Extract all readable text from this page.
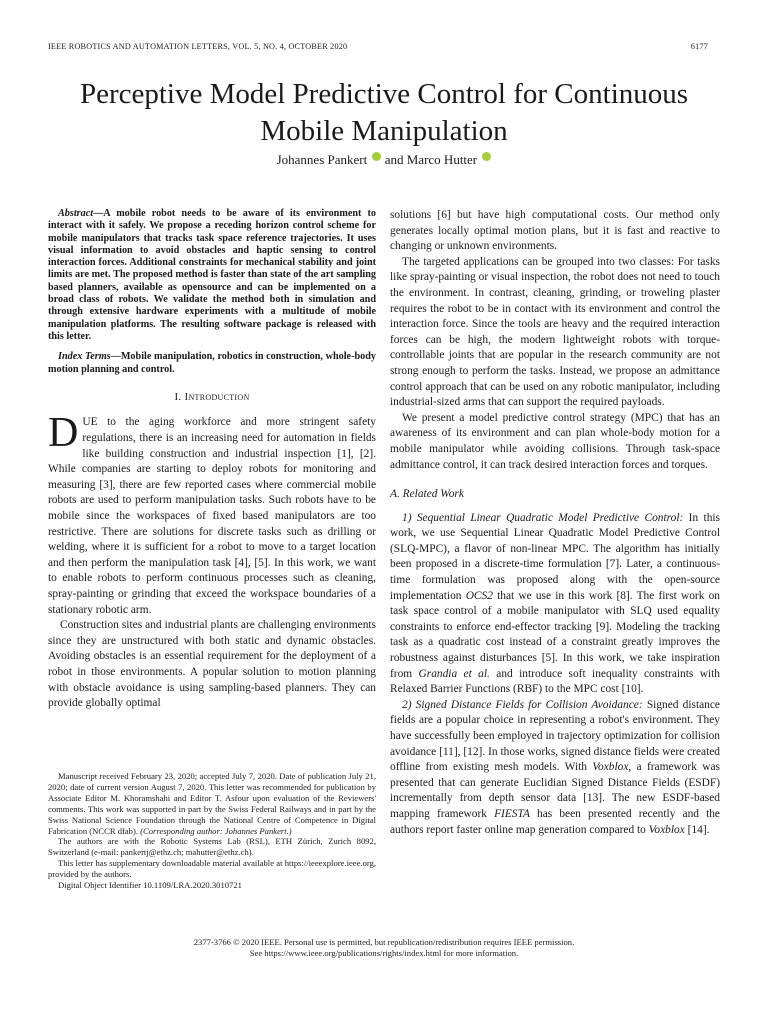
IEEE ROBOTICS AND AUTOMATION LETTERS, VOL. 5, NO. 4, OCTOBER 2020	6177
Perceptive Model Predictive Control for Continuous
Mobile Manipulation
Johannes Pankert and Marco Hutter

Abstract—A mobile robot needs to be aware of its environment to interact with it safely. We propose a receding horizon control scheme for mobile manipulators that tracks task space reference trajectories. It uses visual information to avoid obstacles and haptic sensing to control interaction forces. Additional constraints for mechanical stability and joint limits are met. The proposed method is faster than state of the art sampling based planners, available as opensource and can be implemented on a broad class of robots. We validate the method both in simulation and through extensive hardware experiments with a multitude of mobile manipulation platforms. The resulting software package is released with this letter.

Index Terms—Mobile manipulation, robotics in construction, whole-body motion planning and control.

I. Introduction

DUE to the aging workforce and more stringent safety regulations, there is an increasing need for automation in fields like building construction and industrial inspection [1], [2]. While companies are starting to deploy robots for monitoring and measuring [3], there are few reported cases where commercial mobile robots are used to perform manipulation tasks. Such robots have to be mobile since the workspaces of fixed based manipulators are too restrictive. There are solutions for discrete tasks such as drilling or welding, where it is sufficient for a robot to move to a target location and then perform the manipulation task [4], [5]. In this work, we want to enable robots to perform continuous processes such as cleaning, spray-painting or grinding that exceed the workspace boundaries of a stationary robotic arm.

Construction sites and industrial plants are challenging environments since they are unstructured with both static and dynamic obstacles. Avoiding obstacles is an essential requirement for the deployment of a robot in those environments. A popular solution to motion planning with obstacle avoidance is using sampling-based planners. They can provide globally optimal

Manuscript received February 23, 2020; accepted July 7, 2020. Date of publication July 21, 2020; date of current version August 7, 2020. This letter was recommended for publication by Associate Editor M. Khoramshahi and Editor T. Asfour upon evaluation of the Reviewers' comments. This work was supported in part by the Swiss Federal Railways and in part by the Swiss National Science Foundation through the National Centre of Competence in Digital Fabrication (NCCR dfab). (Corresponding author: Johannes Pankert.)

The authors are with the Robotic Systems Lab (RSL), ETH Zürich, Zurich 8092, Switzerland (e-mail: pankertj@ethz.ch; mahutter@ethz.ch).

This letter has supplementary downloadable material available at https://ieeexplore.ieee.org, provided by the authors.

Digital Object Identifier 10.1109/LRA.2020.3010721

solutions [6] but have high computational costs. Our method only generates locally optimal motion plans, but it is fast and reactive to changing or unknown environments.

The targeted applications can be grouped into two classes: For tasks like spray-painting or visual inspection, the robot does not need to touch the environment. In contrast, cleaning, grinding, or troweling plaster requires the robot to be in contact with its environment and control the interaction force. Since the tools are heavy and the required interaction forces can be high, the modern lightweight robots with torque-controllable joints that are popular in the research community are not strong enough to perform the tasks. Instead, we propose an admittance control approach that can be used on any robotic manipulator, including industrial-sized arms that can support the required payloads.

We present a model predictive control strategy (MPC) that has an awareness of its environment and can plan whole-body motion for a mobile manipulator while avoiding collisions. Through task-space admittance control, it can track desired interaction forces and torques.

A. Related Work

1) Sequential Linear Quadratic Model Predictive Control: In this work, we use Sequential Linear Quadratic Model Predictive Control (SLQ-MPC), a flavor of non-linear MPC. The algorithm has initially been proposed in a discrete-time formulation [7]. Later, a continuous-time formulation was proposed along with the open-source implementation OCS2 that we use in this work [8]. The first work on task space control of a mobile manipulator with SLQ used equality constraints to enforce end-effector tracking [9]. Modeling the tracking task as a quadratic cost instead of a constraint greatly improves the robustness against disturbances [5]. In this work, we take inspiration from Grandia et al. and introduce soft inequality constraints with Relaxed Barrier Functions (RBF) to the MPC cost [10].

2) Signed Distance Fields for Collision Avoidance: Signed distance fields are a popular choice in representing a robot's environment. They have successfully been employed in trajectory optimization for collision avoidance [11], [12]. In those works, signed distance fields were created offline from existing mesh models. With Voxblox, a framework was presented that can generate Euclidian Signed Distance Fields (ESDF) incrementally from depth sensor data [13]. The new ESDF-based mapping framework FIESTA has been presented recently and the authors report faster online map generation compared to Voxblox [14].

2377-3766 © 2020 IEEE. Personal use is permitted, but republication/redistribution requires IEEE permission.
See https://www.ieee.org/publications/rights/index.html for more information.
